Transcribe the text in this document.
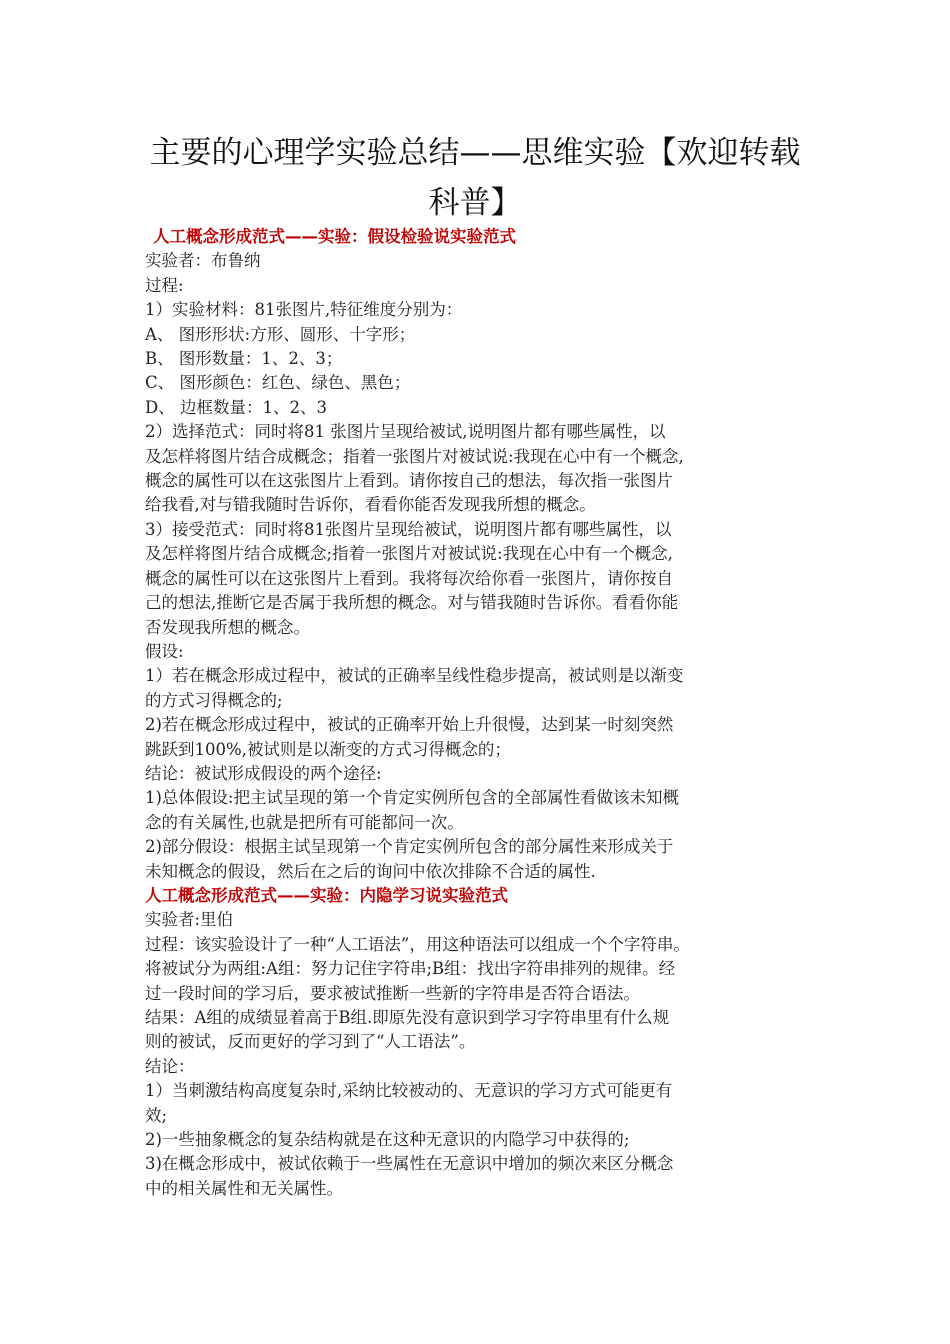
主要的心理学实验总结——思维实验【欢迎转载
科普】

人工概念形成范式——实验：假设检验说实验范式

实验者：布鲁纳

过程:

1）实验材料：81张图片,特征维度分别为：

A、 图形形状:方形、圆形、十字形；

B、 图形数量：1、2、3；

C、 图形颜色：红色、绿色、黑色；

D、 边框数量：1、2、3

2）选择范式：同时将81 张图片呈现给被试,说明图片都有哪些属性，以

及怎样将图片结合成概念；指着一张图片对被试说:我现在心中有一个概念,

概念的属性可以在这张图片上看到。请你按自己的想法，每次指一张图片

给我看,对与错我随时告诉你，看看你能否发现我所想的概念。

3）接受范式：同时将81张图片呈现给被试，说明图片都有哪些属性，以

及怎样将图片结合成概念;指着一张图片对被试说:我现在心中有一个概念,

概念的属性可以在这张图片上看到。我将每次给你看一张图片，请你按自

己的想法,推断它是否属于我所想的概念。对与错我随时告诉你。看看你能

否发现我所想的概念。

假设:

1）若在概念形成过程中，被试的正确率呈线性稳步提高，被试则是以渐变

的方式习得概念的;

2)若在概念形成过程中，被试的正确率开始上升很慢，达到某一时刻突然

跳跃到100%,被试则是以渐变的方式习得概念的；

结论：被试形成假设的两个途径:

1)总体假设:把主试呈现的第一个肯定实例所包含的全部属性看做该未知概

念的有关属性,也就是把所有可能都问一次。

2)部分假设：根据主试呈现第一个肯定实例所包含的部分属性来形成关于

未知概念的假设，然后在之后的询问中依次排除不合适的属性.

人工概念形成范式——实验：内隐学习说实验范式

实验者:里伯

过程：该实验设计了一种“人工语法”，用这种语法可以组成一个个字符串。

将被试分为两组:A组：努力记住字符串;B组：找出字符串排列的规律。经

过一段时间的学习后，要求被试推断一些新的字符串是否符合语法。

结果：A组的成绩显着高于B组.即原先没有意识到学习字符串里有什么规

则的被试，反而更好的学习到了“人工语法”。

结论：

1）当刺激结构高度复杂时,采纳比较被动的、无意识的学习方式可能更有

效;

2)一些抽象概念的复杂结构就是在这种无意识的内隐学习中获得的;

3)在概念形成中，被试依赖于一些属性在无意识中增加的频次来区分概念

中的相关属性和无关属性。
